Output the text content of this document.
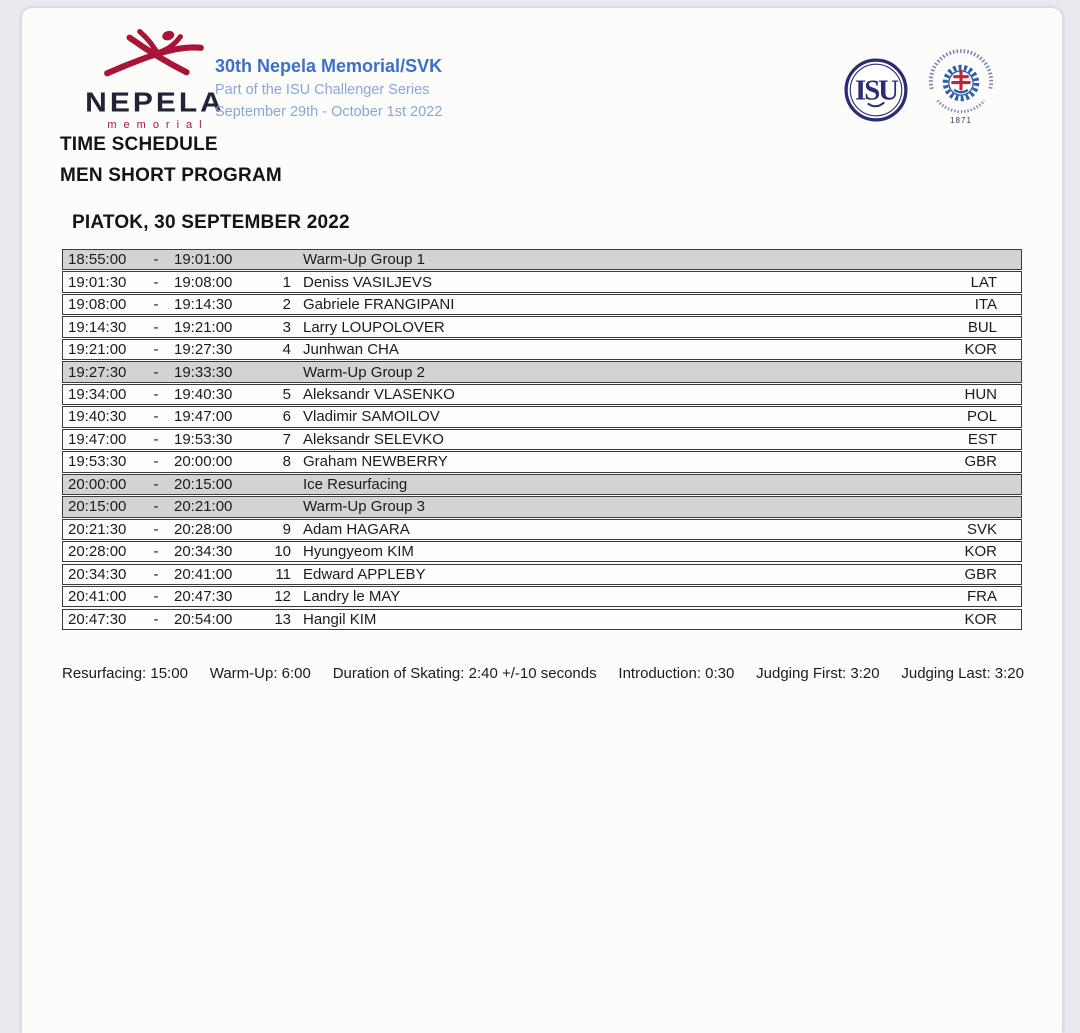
NEPELA
memorial
30th Nepela Memorial/SVK
Part of the ISU Challenger Series
September 29th - October 1st 2022
ISU
1871
TIME SCHEDULE
MEN SHORT PROGRAM
PIATOK, 30 SEPTEMBER 2022
18:55:00	-	19:01:00	Warm-Up Group 1
19:01:30	-	19:08:00	1 Deniss VASILJEVS	LAT
19:08:00	-	19:14:30	2 Gabriele FRANGIPANI	ITA
19:14:30	-	19:21:00	3 Larry LOUPOLOVER	BUL
19:21:00	-	19:27:30	4 Junhwan CHA	KOR
19:27:30	-	19:33:30	Warm-Up Group 2
19:34:00	-	19:40:30	5 Aleksandr VLASENKO	HUN
19:40:30	-	19:47:00	6 Vladimir SAMOILOV	POL
19:47:00	-	19:53:30	7 Aleksandr SELEVKO	EST
19:53:30	-	20:00:00	8 Graham NEWBERRY	GBR
20:00:00	-	20:15:00	Ice Resurfacing
20:15:00	-	20:21:00	Warm-Up Group 3
20:21:30	-	20:28:00	9 Adam HAGARA	SVK
20:28:00	-	20:34:30	10 Hyungyeom KIM	KOR
20:34:30	-	20:41:00	11 Edward APPLEBY	GBR
20:41:00	-	20:47:30	12 Landry le MAY	FRA
20:47:30	-	20:54:00	13 Hangil KIM	KOR
Resurfacing: 15:00 Warm-Up: 6:00 Duration of Skating: 2:40 +/-10 seconds Introduction: 0:30 Judging First: 3:20 Judging Last: 3:20
